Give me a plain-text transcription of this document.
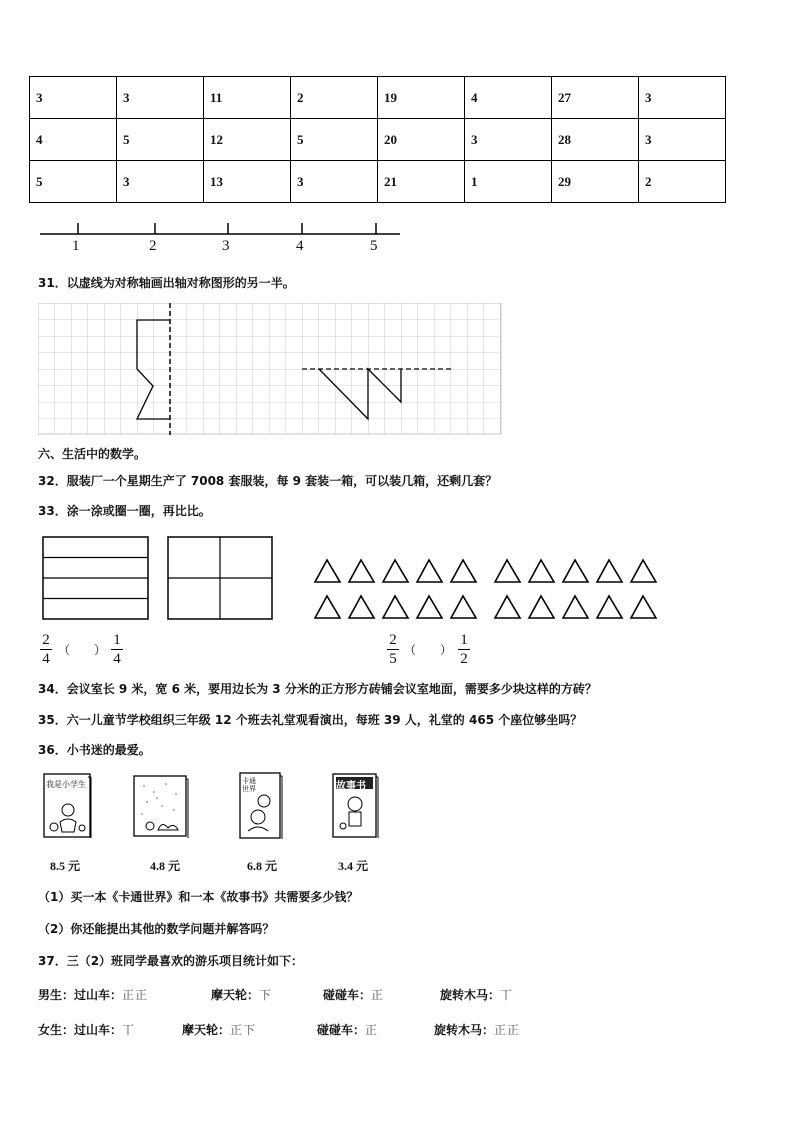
3	3	11	2	19	4	27	3
4	5	12	5	20	3	28	3
5	3	13	3	21	1	29	2
1	2	3	4	5
31．以虚线为对称轴画出轴对称图形的另一半。
六、生活中的数学。
32．服装厂一个星期生产了 7008 套服装，每 9 套装一箱，可以装几箱，还剩几套？
33．涂一涂或圈一圈，再比比。
2
4
（　　）
1
4
2
5
（　　）
1
2
34．会议室长 9 米，宽 6 米，要用边长为 3 分米的正方形方砖铺会议室地面，需要多少块这样的方砖？
35．六一儿童节学校组织三年级 12 个班去礼堂观看演出，每班 39 人，礼堂的 465 个座位够坐吗？
36．小书迷的最爱。
我是小学生	卡通世界	故事书
8.5 元	4.8 元	6.8 元	3.4 元
（1）买一本《卡通世界》和一本《故事书》共需要多少钱？
（2）你还能提出其他的数学问题并解答吗？
37．三（2）班同学最喜欢的游乐项目统计如下：
男生：过山车：正正	摩天轮：下	碰碰车：正	旋转木马：丅
女生：过山车：丅	摩天轮：正下	碰碰车：正	旋转木马：正正
